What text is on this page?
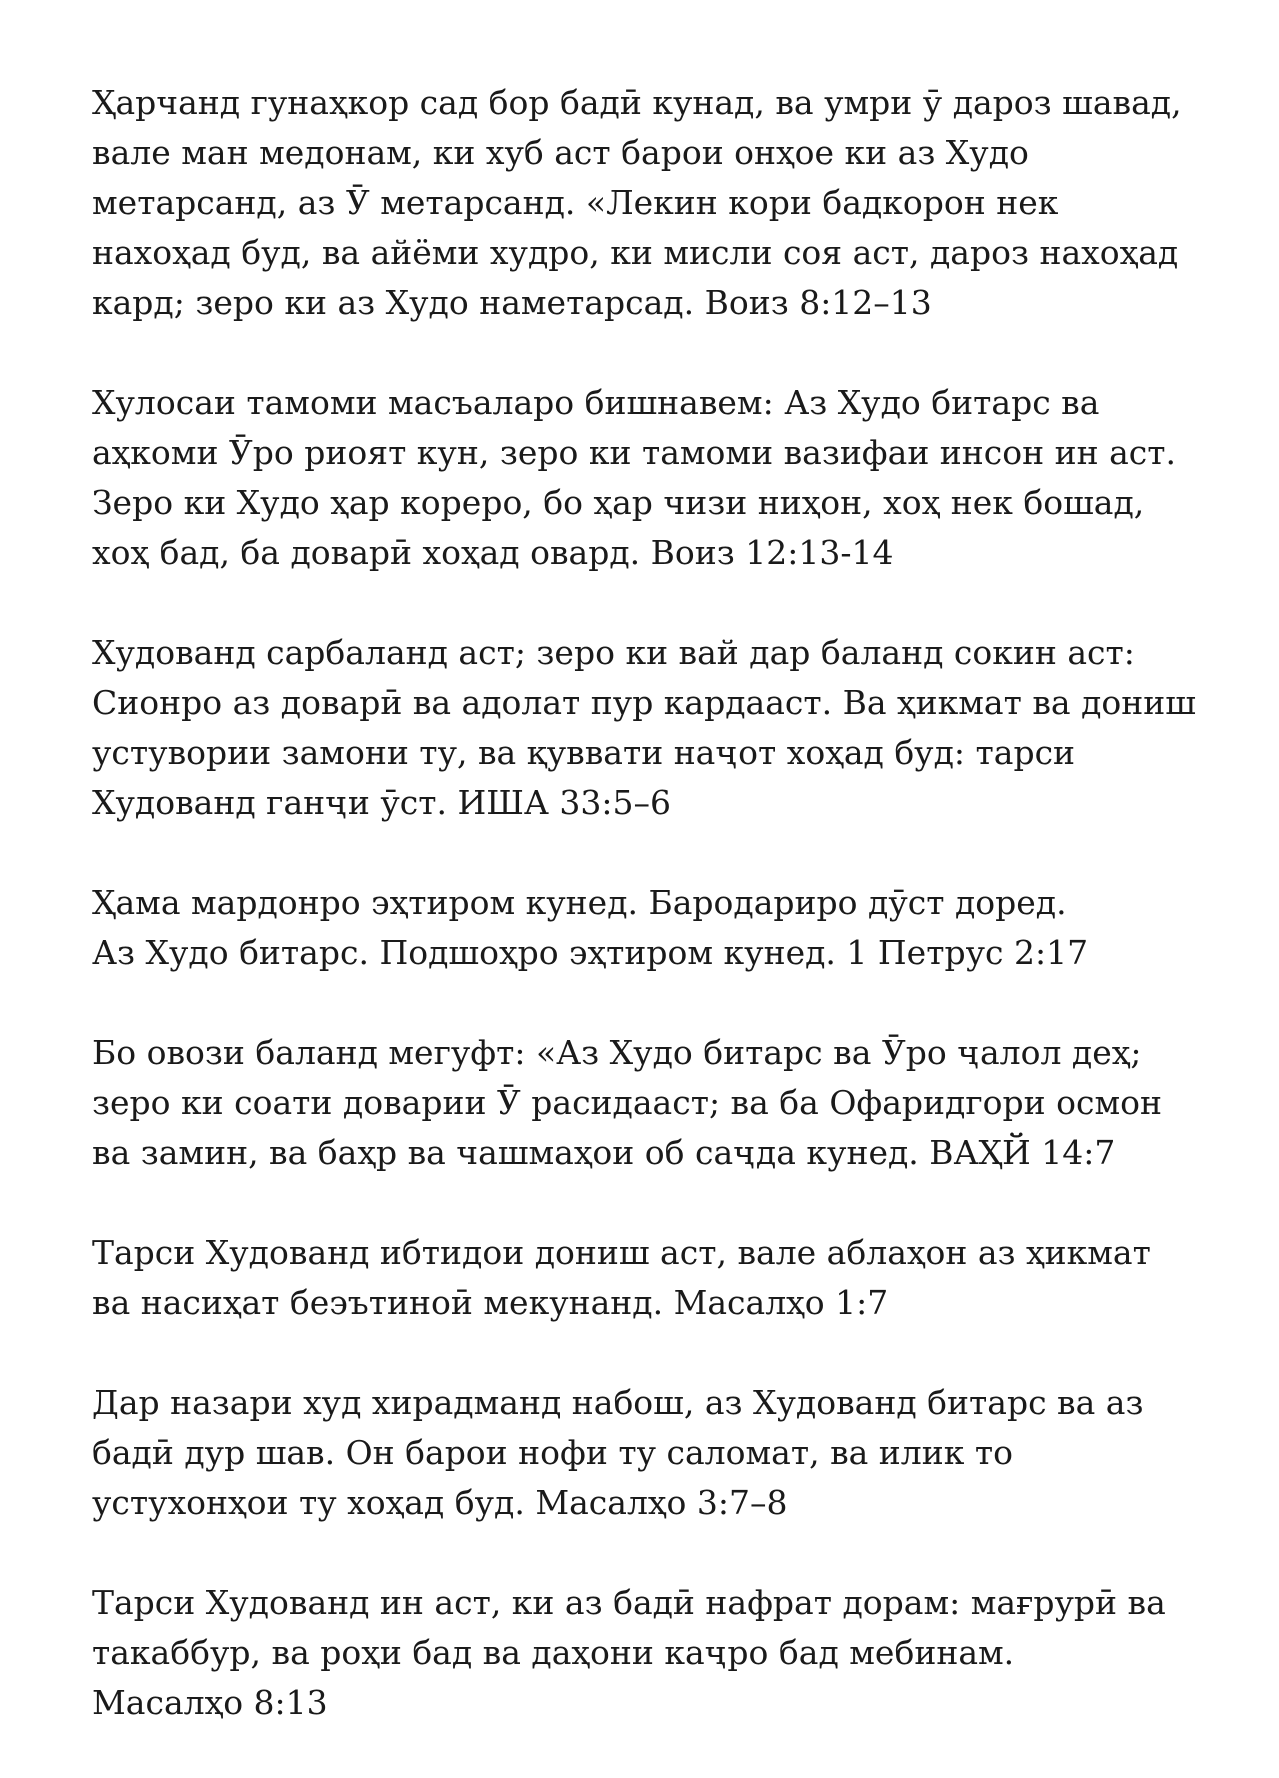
Ҳарчанд гунаҳкор сад бор бадӣ кунад, ва умри ӯ дароз шавад,
вале ман медонам, ки хуб аст барои онҳое ки аз Худо
метарсанд, аз Ӯ метарсанд. «Лекин кори бадкорон нек
нахоҳад буд, ва айёми худро, ки мисли соя аст, дароз нахоҳад
кард; зеро ки аз Худо наметарсад. Воиз 8:12–13

Хулосаи тамоми масъаларо бишнавем: Аз Худо битарс ва
аҳкоми Ӯро риоят кун, зеро ки тамоми вазифаи инсон ин аст.
Зеро ки Худо ҳар кореро, бо ҳар чизи ниҳон, хоҳ нек бошад,
хоҳ бад, ба доварӣ хоҳад овард. Воиз 12:13-14

Худованд сарбаланд аст; зеро ки вай дар баланд сокин аст:
Сионро аз доварӣ ва адолат пур кардааст. Ва ҳикмат ва дониш
устувории замони ту, ва қуввати наҷот хоҳад буд: тарси
Худованд ганҷи ӯст. ИША 33:5–6

Ҳама мардонро эҳтиром кунед. Бародариро дӯст доред.
Аз Худо битарс. Подшоҳро эҳтиром кунед. 1 Петрус 2:17

Бо овози баланд мегуфт: «Аз Худо битарс ва Ӯро ҷалол деҳ;
зеро ки соати доварии Ӯ расидааст; ва ба Офаридгори осмон
ва замин, ва баҳр ва чашмаҳои об саҷда кунед. ВАҲЙ 14:7

Тарси Худованд ибтидои дониш аст, вале аблаҳон аз ҳикмат
ва насиҳат беэътиноӣ мекунанд. Масалҳо 1:7

Дар назари худ хирадманд набош, аз Худованд битарс ва аз
бадӣ дур шав. Он барои нофи ту саломат, ва илик то
устухонҳои ту хоҳад буд. Масалҳо 3:7–8

Тарси Худованд ин аст, ки аз бадӣ нафрат дорам: мағрурӣ ва
такаббур, ва роҳи бад ва даҳони каҷро бад мебинам.
Масалҳо 8:13
